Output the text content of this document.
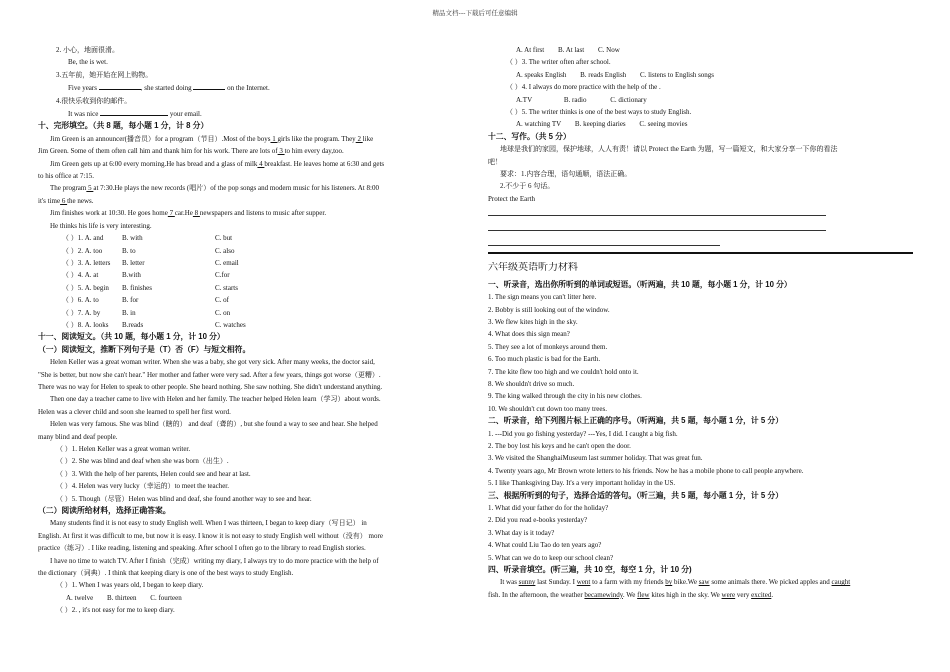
精品文档---下载后可任意编辑
2. 小心，地面很滑。
Be, the is wet.
3.五年前，她开始在网上购物。
Five years	, she started doing	on the Internet.
4.很快乐收到你的邮件。
It was nice	your email.
十、完形填空。（共 8 题，每小题 1 分，计 8 分）
Jim Green is an announcer(播音员）for a program（节目）.Most of the boys 1 girls like the program. They 2 like
Jim Green. Some of them often call him and thank him for his work. There are lots of 3 to him every day,too.
Jim Green gets up at 6:00 every morning.He has bread and a glass of milk 4 breakfast. He leaves home at 6:30 and gets
to his office at 7:15.
The program 5 at 7:30.He plays the new records (唱片）of the pop songs and modern music for his listeners. At 8:00
it's time 6 the news.
Jim finishes work at 10:30. He goes home 7 car.He 8 newspapers and listens to music after supper.
He thinks his life is very interesting.
（ ）1. A. and	B. with	C. but
（ ）2. A. too	B. to	C. also
（ ）3. A. letters	B. letter	C. email
（ ）4. A. at	B.with	C.for
（ ）5. A. begin	B. finishes	C. starts
（ ）6. A. to	B. for	C. of
（ ）7. A. by	B. in	C. on
（ ）8. A. looks	B.reads	C. watches
十一、阅读短文。（共 10 题，每小题 1 分，计 10 分）
（一）阅读短文，推断下列句子是（T）否（F）与短文相符。
Helen Keller was a great woman writer. When she was a baby, she got very sick. After many weeks, the doctor said,
"She is better, but now she can't hear." Her mother and father were very sad. After a few years, things got worse（更糟）.
There was no way for Helen to speak to other people. She heard nothing. She saw nothing. She didn't understand anything.
Then one day a teacher came to live with Helen and her family. The teacher helped Helen learn（学习）about words.
Helen was a clever child and soon she learned to spell her first word.
Helen was very famous. She was blind（瞎的） and deaf（聋的）, but she found a way to see and hear. She helped
many blind and deaf people.
（ ）1. Helen Keller was a great woman writer.
（ ）2. She was blind and deaf when she was born（出生）.
（ ）3. With the help of her parents, Helen could see and hear at last.
（ ）4. Helen was very lucky（幸运的）to meet the teacher.
（ ）5. Though（尽管）Helen was blind and deaf, she found another way to see and hear.
（二）阅读所给材料，选择正确答案。
Many students find it is not easy to study English well. When I was thirteen, I began to keep diary（写日记） in
English. At first it was difficult to me, but now it is easy. I know it is not easy to study English well without（没有） more
practice（练习）. I like reading, listening and speaking. After school I often go to the library to read English stories.
I have no time to watch TV. After I finish（完成）writing my diary, I always try to do more practice with the help of
the dictionary（词典）. I think that keeping diary is one of the best ways to study English.
（ ）1. When I was years old, I began to keep diary.
A. twelve B. thirteen C. fourteen
（ ）2. , it's not easy for me to keep diary.
A. At first B. At last C. Now
（ ）3. The writer often after school.
A. speaks English B. reads English C. listens to English songs
（ ）4. I always do more practice with the help of the .
A.TV	B. radio	C. dictionary
（ ）5. The writer thinks is one of the best ways to study English.
A. watching TV B. keeping diaries C. seeing movies
十二、写作。（共 5 分）
地球是我们的家园，保护地球，人人有责！请以 Protect the Earth 为题，写一篇短文，和大家分享一下你的看法
吧！
要求：1.内容合理，语句通顺，语法正确。
2.不少于 6 句话。
Protect the Earth
六年级英语听力材料
一、听录音，选出你所听到的单词或短语。（听两遍，共 10 题，每小题 1 分，计 10 分）
1. The sign means you can't litter here.
2. Bobby is still looking out of the window.
3. We flew kites high in the sky.
4. What does this sign mean?
5. They see a lot of monkeys around them.
6. Too much plastic is bad for the Earth.
7. The kite flew too high and we couldn't hold onto it.
8. We shouldn't drive so much.
9. The king walked through the city in his new clothes.
10. We shouldn't cut down too many trees.
二、听录音，给下列图片标上正确的序号。（听两遍，共 5 题，每小题 1 分，计 5 分）
1. ---Did you go fishing yesterday? ---Yes, I did. I caught a big fish.
2. The boy lost his keys and he can't open the door.
3. We visited the ShanghaiMuseum last summer holiday. That was great fun.
4. Twenty years ago, Mr Brown wrote letters to his friends. Now he has a mobile phone to call people anywhere.
5. I like Thanksgiving Day. It's a very important holiday in the US.
三、根据所听到的句子，选择合适的答句。（听三遍，共 5 题，每小题 1 分，计 5 分）
1. What did your father do for the holiday?
2. Did you read e-books yesterday?
3. What day is it today?
4. What could Liu Tao do ten years ago?
5. What can we do to keep our school clean?
四、听录音填空。(听三遍，共 10 空，每空 1 分，计 10 分)
It was sunny last Sunday. I went to a farm with my friends by bike.We saw some animals there. We picked apples and caught
fish. In the afternoon, the weather becamewindy. We flew kites high in the sky. We were very excited.
